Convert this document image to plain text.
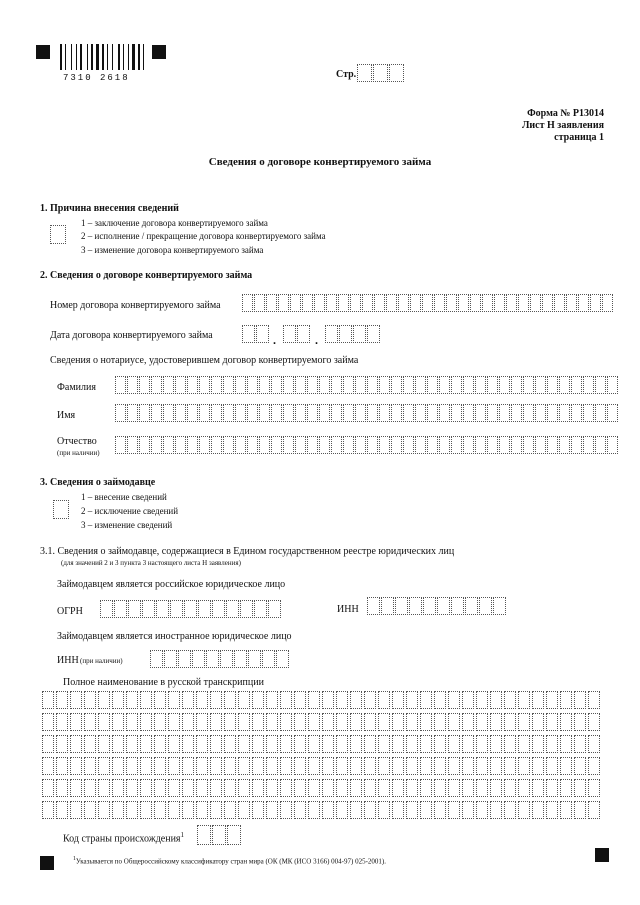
7310 2618	Стр.
Форма № Р13014
Лист Н заявления
страница 1
Сведения о договоре конвертируемого займа
1. Причина внесения сведений
1 – заключение договора конвертируемого займа
2 – исполнение / прекращение договора конвертируемого займа
3 – изменение договора конвертируемого займа
2. Сведения о договоре конвертируемого займа
Номер договора конвертируемого займа
Дата договора конвертируемого займа	.	.
Сведения о нотариусе, удостоверившем договор конвертируемого займа
Фамилия
Имя
Отчество
(при наличии)
3. Сведения о займодавце
1 – внесение сведений
2 – исключение сведений
3 – изменение сведений
3.1. Сведения о займодавце, содержащиеся в Едином государственном реестре юридических лиц
(для значений 2 и 3 пункта 3 настоящего листа Н заявления)
Займодавцем является российское юридическое лицо
ОГРН	ИНН
Займодавцем является иностранное юридическое лицо
ИНН (при наличии)
Полное наименование в русской транскрипции
Код страны происхождения$^1$
$^1$Указывается по Общероссийскому классификатору стран мира (ОК (МК (ИСО 3166) 004-97) 025-2001).
